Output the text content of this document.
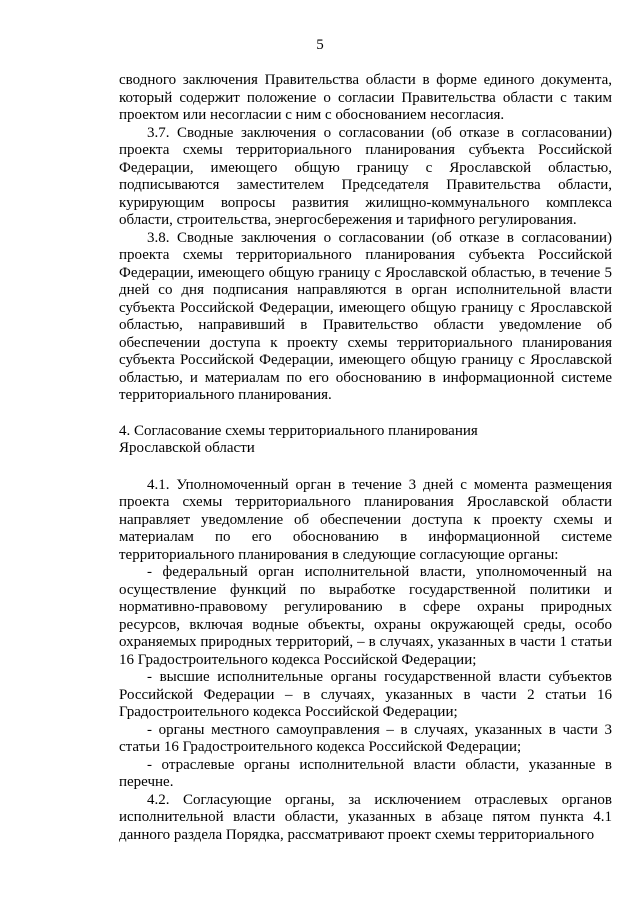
5

сводного заключения Правительства области в форме единого документа, который содержит положение о согласии Правительства области с таким проектом или несогласии с ним с обоснованием несогласия.

3.7. Сводные заключения о согласовании (об отказе в согласовании) проекта схемы территориального планирования субъекта Российской Федерации, имеющего общую границу с Ярославской областью, подписываются заместителем Председателя Правительства области, курирующим вопросы развития жилищно-коммунального комплекса области, строительства, энергосбережения и тарифного регулирования.

3.8. Сводные заключения о согласовании (об отказе в согласовании) проекта схемы территориального планирования субъекта Российской Федерации, имеющего общую границу с Ярославской областью, в течение 5 дней со дня подписания направляются в орган исполнительной власти субъекта Российской Федерации, имеющего общую границу с Ярославской областью, направивший в Правительство области уведомление об обеспечении доступа к проекту схемы территориального планирования субъекта Российской Федерации, имеющего общую границу с Ярославской областью, и материалам по его обоснованию в информационной системе территориального планирования.

4. Согласование схемы территориального планирования

Ярославской области

4.1. Уполномоченный орган в течение 3 дней с момента размещения проекта схемы территориального планирования Ярославской области направляет уведомление об обеспечении доступа к проекту схемы и материалам по его обоснованию в информационной системе территориального планирования в следующие согласующие органы:

- федеральный орган исполнительной власти, уполномоченный на осуществление функций по выработке государственной политики и нормативно-правовому регулированию в сфере охраны природных ресурсов, включая водные объекты, охраны окружающей среды, особо охраняемых природных территорий, – в случаях, указанных в части 1 статьи 16 Градостроительного кодекса Российской Федерации;

- высшие исполнительные органы государственной власти субъектов Российской Федерации – в случаях, указанных в части 2 статьи 16 Градостроительного кодекса Российской Федерации;

- органы местного самоуправления – в случаях, указанных в части 3 статьи 16 Градостроительного кодекса Российской Федерации;

- отраслевые органы исполнительной власти области, указанные в перечне.

4.2. Согласующие органы, за исключением отраслевых органов исполнительной власти области, указанных в абзаце пятом пункта 4.1 данного раздела Порядка, рассматривают проект схемы территориального
